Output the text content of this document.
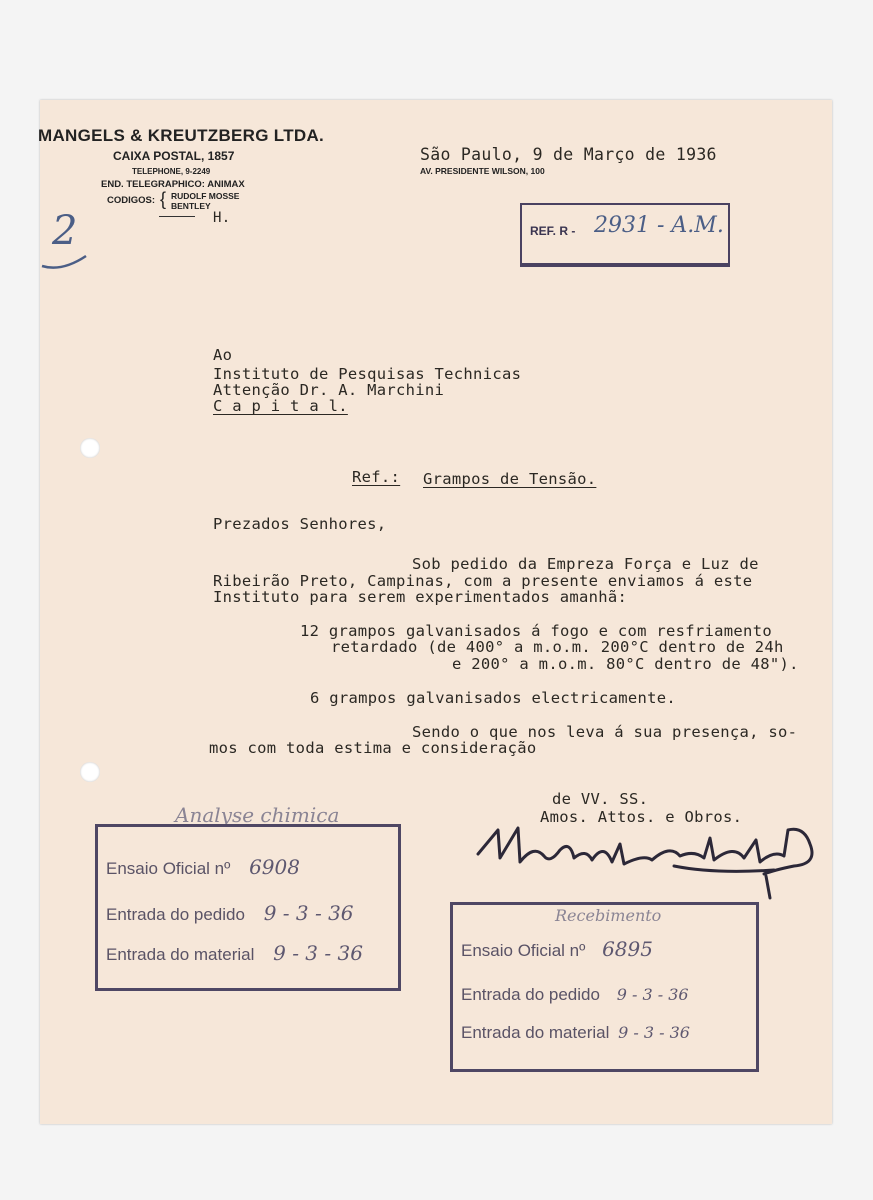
MANGELS & KREUTZBERG LTDA.
CAIXA POSTAL, 1857
TELEPHONE, 9-2249
END. TELEGRAPHICO: ANIMAX
CODIGOS: { RUDOLF MOSSE
BENTLEY
H.
2
São Paulo, 9 de Março de 1936
AV. PRESIDENTE WILSON, 100
REF. R - 2931 - A.M.
Ao
Instituto de Pesquisas Technicas
Attenção Dr. A. Marchini
C a p i t a l.
Ref.: Grampos de Tensão.
Prezados Senhores,
Sob pedido da Empreza Força e Luz de
Ribeirão Preto, Campinas, com a presente enviamos á este
Instituto para serem experimentados amanhã:
12 grampos galvanisados á fogo e com resfriamento
retardado (de 400° a m.o.m. 200°C dentro de 24h
e 200° a m.o.m. 80°C dentro de 48").
6 grampos galvanisados electricamente.
Sendo o que nos leva á sua presença, so-
mos com toda estima e consideração
de VV. SS.
Amos. Attos. e Obros.
Analyse chimica
Ensaio Oficial nº 6908
Entrada do pedido 9 - 3 - 36
Entrada do material 9 - 3 - 36
Recebimento
Ensaio Oficial nº 6895
Entrada do pedido 9 - 3 - 36
Entrada do material 9 - 3 - 36
